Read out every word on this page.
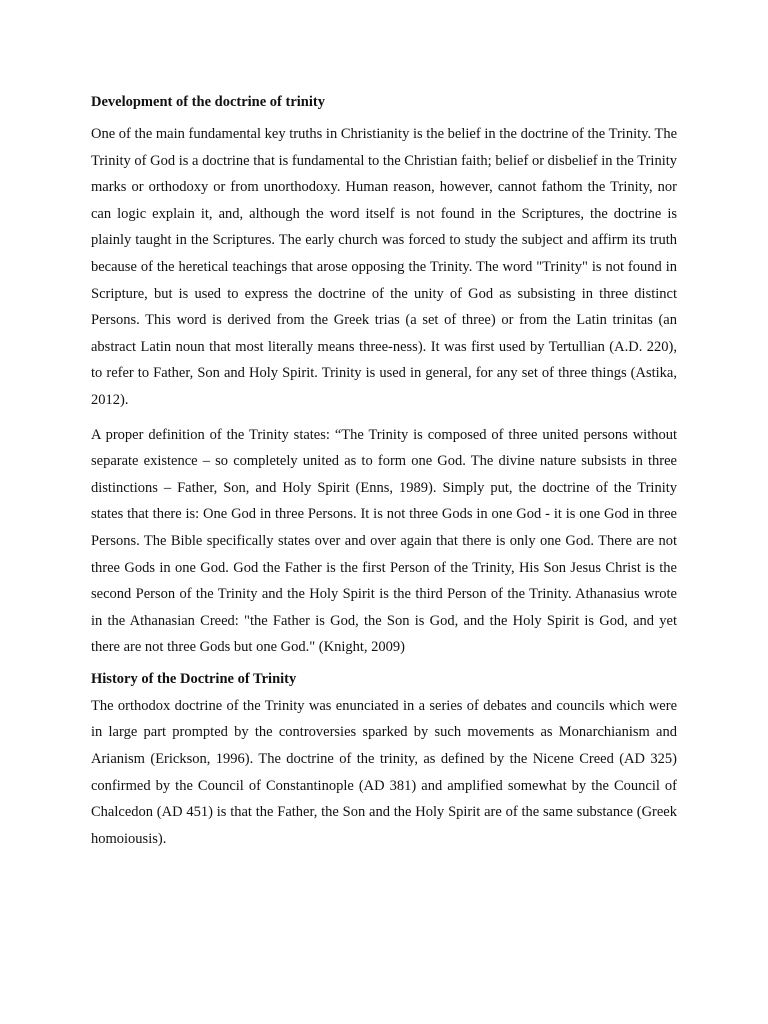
Development of the doctrine of trinity

One of the main fundamental key truths in Christianity is the belief in the doctrine of the Trinity. The Trinity of God is a doctrine that is fundamental to the Christian faith; belief or disbelief in the Trinity marks or orthodoxy or from unorthodoxy. Human reason, however, cannot fathom the Trinity, nor can logic explain it, and, although the word itself is not found in the Scriptures, the doctrine is plainly taught in the Scriptures. The early church was forced to study the subject and affirm its truth because of the heretical teachings that arose opposing the Trinity. The word "Trinity" is not found in Scripture, but is used to express the doctrine of the unity of God as subsisting in three distinct Persons. This word is derived from the Greek trias (a set of three) or from the Latin trinitas (an abstract Latin noun that most literally means three-ness). It was first used by Tertullian (A.D. 220), to refer to Father, Son and Holy Spirit. Trinity is used in general, for any set of three things (Astika, 2012).

A proper definition of the Trinity states: “The Trinity is composed of three united persons without separate existence – so completely united as to form one God. The divine nature subsists in three distinctions – Father, Son, and Holy Spirit (Enns, 1989). Simply put, the doctrine of the Trinity states that there is: One God in three Persons. It is not three Gods in one God - it is one God in three Persons. The Bible specifically states over and over again that there is only one God. There are not three Gods in one God. God the Father is the first Person of the Trinity, His Son Jesus Christ is the second Person of the Trinity and the Holy Spirit is the third Person of the Trinity. Athanasius wrote in the Athanasian Creed: "the Father is God, the Son is God, and the Holy Spirit is God, and yet there are not three Gods but one God." (Knight, 2009)

History of the Doctrine of Trinity

The orthodox doctrine of the Trinity was enunciated in a series of debates and councils which were in large part prompted by the controversies sparked by such movements as Monarchianism and Arianism (Erickson, 1996). The doctrine of the trinity, as defined by the Nicene Creed (AD 325) confirmed by the Council of Constantinople (AD 381) and amplified somewhat by the Council of Chalcedon (AD 451) is that the Father, the Son and the Holy Spirit are of the same substance (Greek homoiousis).
